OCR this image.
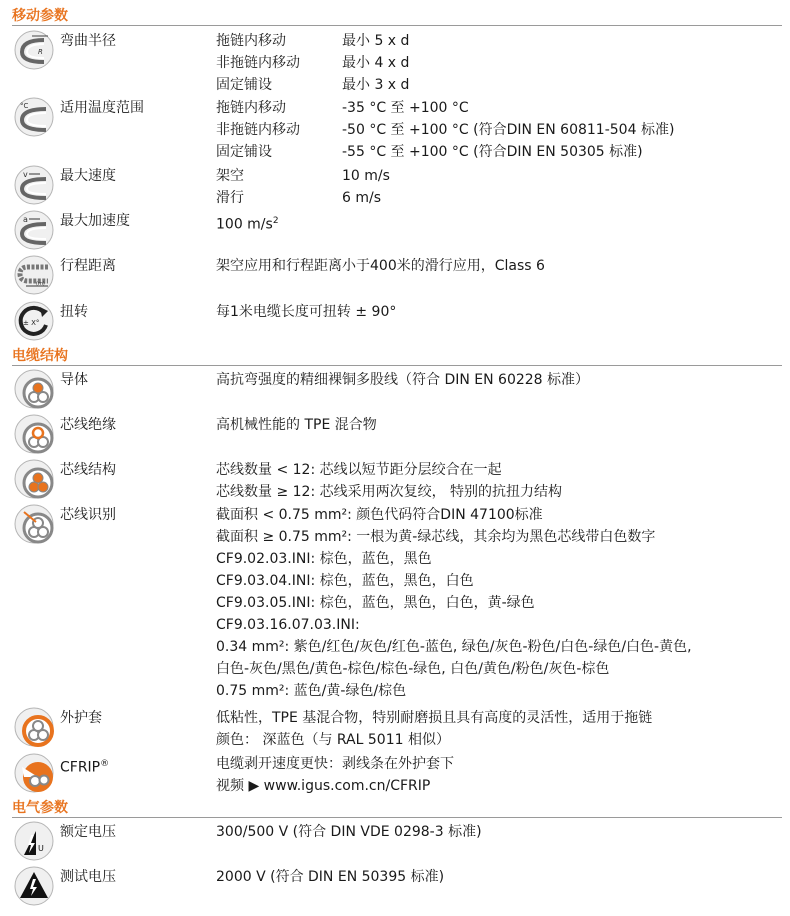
移动参数
R
弯曲半径	拖链内移动	最小 5 x d
非拖链内移动	最小 4 x d
固定铺设	最小 3 x d
°C 适用温度范围	拖链内移动	-35 °C 至 +100 °C
非拖链内移动	-50 °C 至 +100 °C (符合DIN EN 60811-504 标准)
固定铺设	-55 °C 至 +100 °C (符合DIN EN 50305 标准)
v 最大速度	架空	10 m/s
滑行	6 m/s
a 最大加速度	100 $m/s^2$
(m)
行程距离	架空应用和行程距离小于400米的滑行应用，Class 6
± X°
扭转	每1米电缆长度可扭转 ± 90°
电缆结构
导体	高抗弯强度的精细裸铜多股线（符合 DIN EN 60228 标准）
芯线绝缘	高机械性能的 TPE 混合物
芯线结构	芯线数量 < 12: 芯线以短节距分层绞合在一起
芯线数量 ≥ 12: 芯线采用两次复绞， 特别的抗扭力结构
芯线识别	截面积 < 0.75 mm²: 颜色代码符合DIN 47100标准
截面积 ≥ 0.75 mm²: 一根为黄-绿芯线，其余均为黑色芯线带白色数字
CF9.02.03.INI: 棕色，蓝色，黑色
CF9.03.04.INI: 棕色，蓝色，黑色，白色
CF9.03.05.INI: 棕色，蓝色，黑色，白色，黄-绿色
CF9.03.16.07.03.INI:
0.34 mm²: 紫色/红色/灰色/红色-蓝色, 绿色/灰色-粉色/白色-绿色/白色-黄色,
白色-灰色/黑色/黄色-棕色/棕色-绿色, 白色/黄色/粉色/灰色-棕色
0.75 mm²: 蓝色/黄-绿色/棕色
外护套	低粘性，TPE 基混合物，特别耐磨损且具有高度的灵活性，适用于拖链
颜色： 深蓝色（与 RAL 5011 相似）
CFRIP®	电缆剥开速度更快：剥线条在外护套下
视频 ▶ www.igus.com.cn/CFRIP
电气参数
U
额定电压	300/500 V (符合 DIN VDE 0298-3 标准)
测试电压	2000 V (符合 DIN EN 50395 标准)
